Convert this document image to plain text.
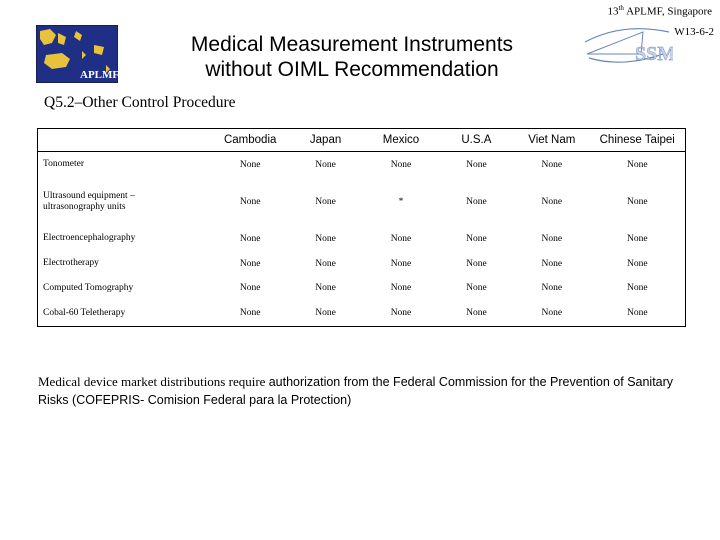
13th APLMF, Singapore
W13-6-2
APLMF
Medical Measurement Instruments
without OIML Recommendation
SSM
Q5.2–Other Control Procedure
	Cambodia	Japan	Mexico	U.S.A	Viet Nam	Chinese Taipei
Tonometer	None	None	None	None	None	None
Ultrasound equipment –
ultrasonography units	None	None	*	None	None	None
Electroencephalography	None	None	None	None	None	None
Electrotherapy	None	None	None	None	None	None
Computed Tomography	None	None	None	None	None	None
Cobal-60 Teletherapy	None	None	None	None	None	None
Medical device market distributions require authorization from the Federal Commission for the Prevention of Sanitary Risks (COFEPRIS- Comision Federal para la Protection)
